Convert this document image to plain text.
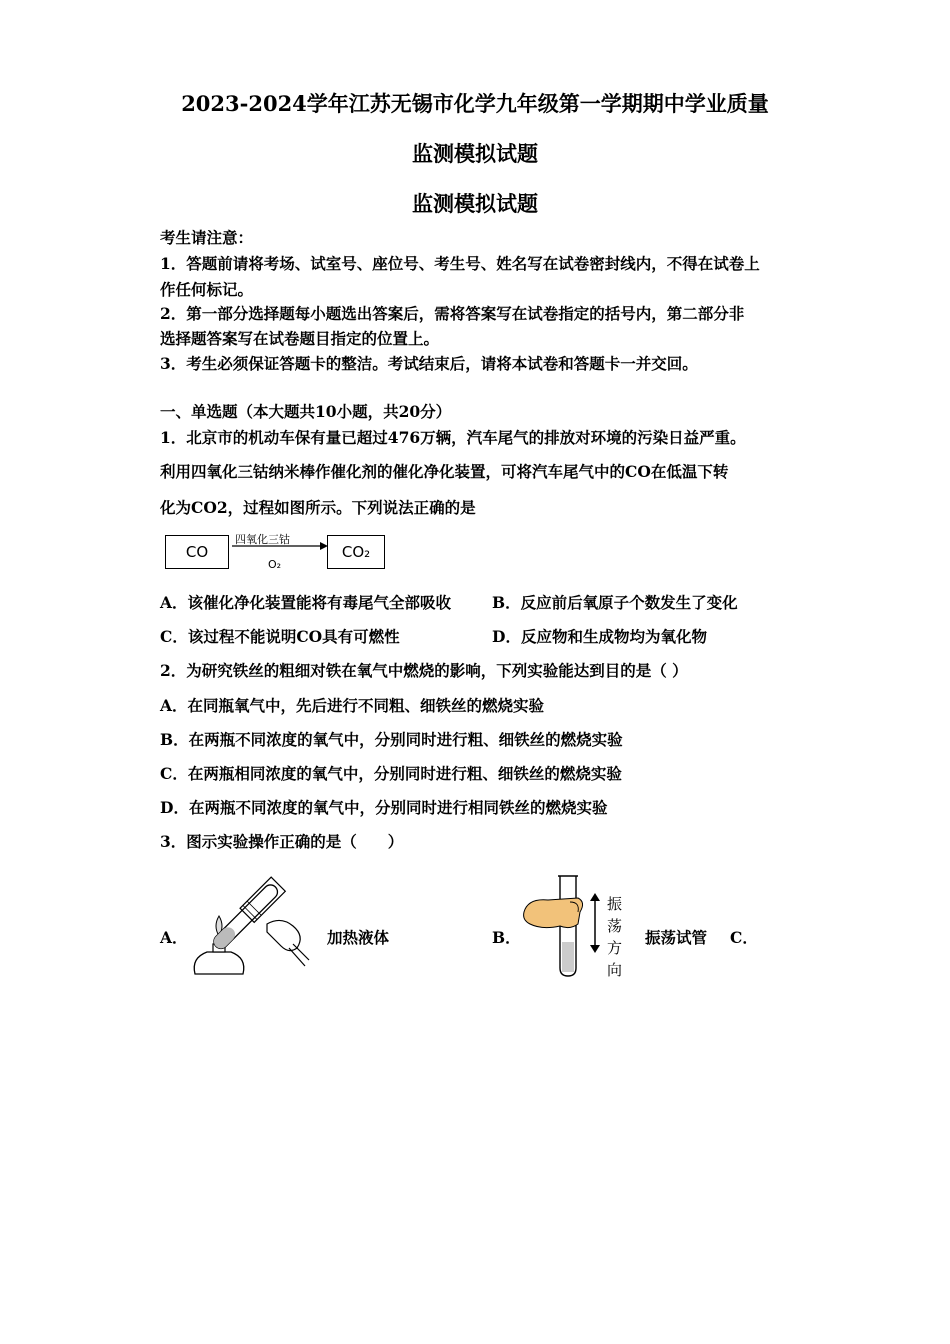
2023-2024学年江苏无锡市化学九年级第一学期期中学业质量
监测模拟试题
监测模拟试题
考生请注意：
1．答题前请将考场、试室号、座位号、考生号、姓名写在试卷密封线内，不得在试卷上
作任何标记。
2．第一部分选择题每小题选出答案后，需将答案写在试卷指定的括号内，第二部分非
选择题答案写在试卷题目指定的位置上。
3．考生必须保证答题卡的整洁。考试结束后，请将本试卷和答题卡一并交回。
一、单选题（本大题共10小题，共20分）
1．北京市的机动车保有量已超过476万辆，汽车尾气的排放对环境的污染日益严重。
利用四氧化三钴纳米棒作催化剂的催化净化装置，可将汽车尾气中的CO在低温下转
化为CO2，过程如图所示。下列说法正确的是
CO
四氧化三钴
O₂
CO₂
A．该催化净化装置能将有毒尾气全部吸收	B．反应前后氧原子个数发生了变化
C．该过程不能说明CO具有可燃性	D．反应物和生成物均为氧化物
2．为研究铁丝的粗细对铁在氧气中燃烧的影响，下列实验能达到目的是（ ）
A．在同瓶氧气中，先后进行不同粗、细铁丝的燃烧实验
B．在两瓶不同浓度的氧气中，分别同时进行粗、细铁丝的燃烧实验
C．在两瓶相同浓度的氧气中，分别同时进行粗、细铁丝的燃烧实验
D．在两瓶不同浓度的氧气中，分别同时进行相同铁丝的燃烧实验
3．图示实验操作正确的是（　　）
A．	加热液体	B．
振
荡
方
向
振荡试管 C．
